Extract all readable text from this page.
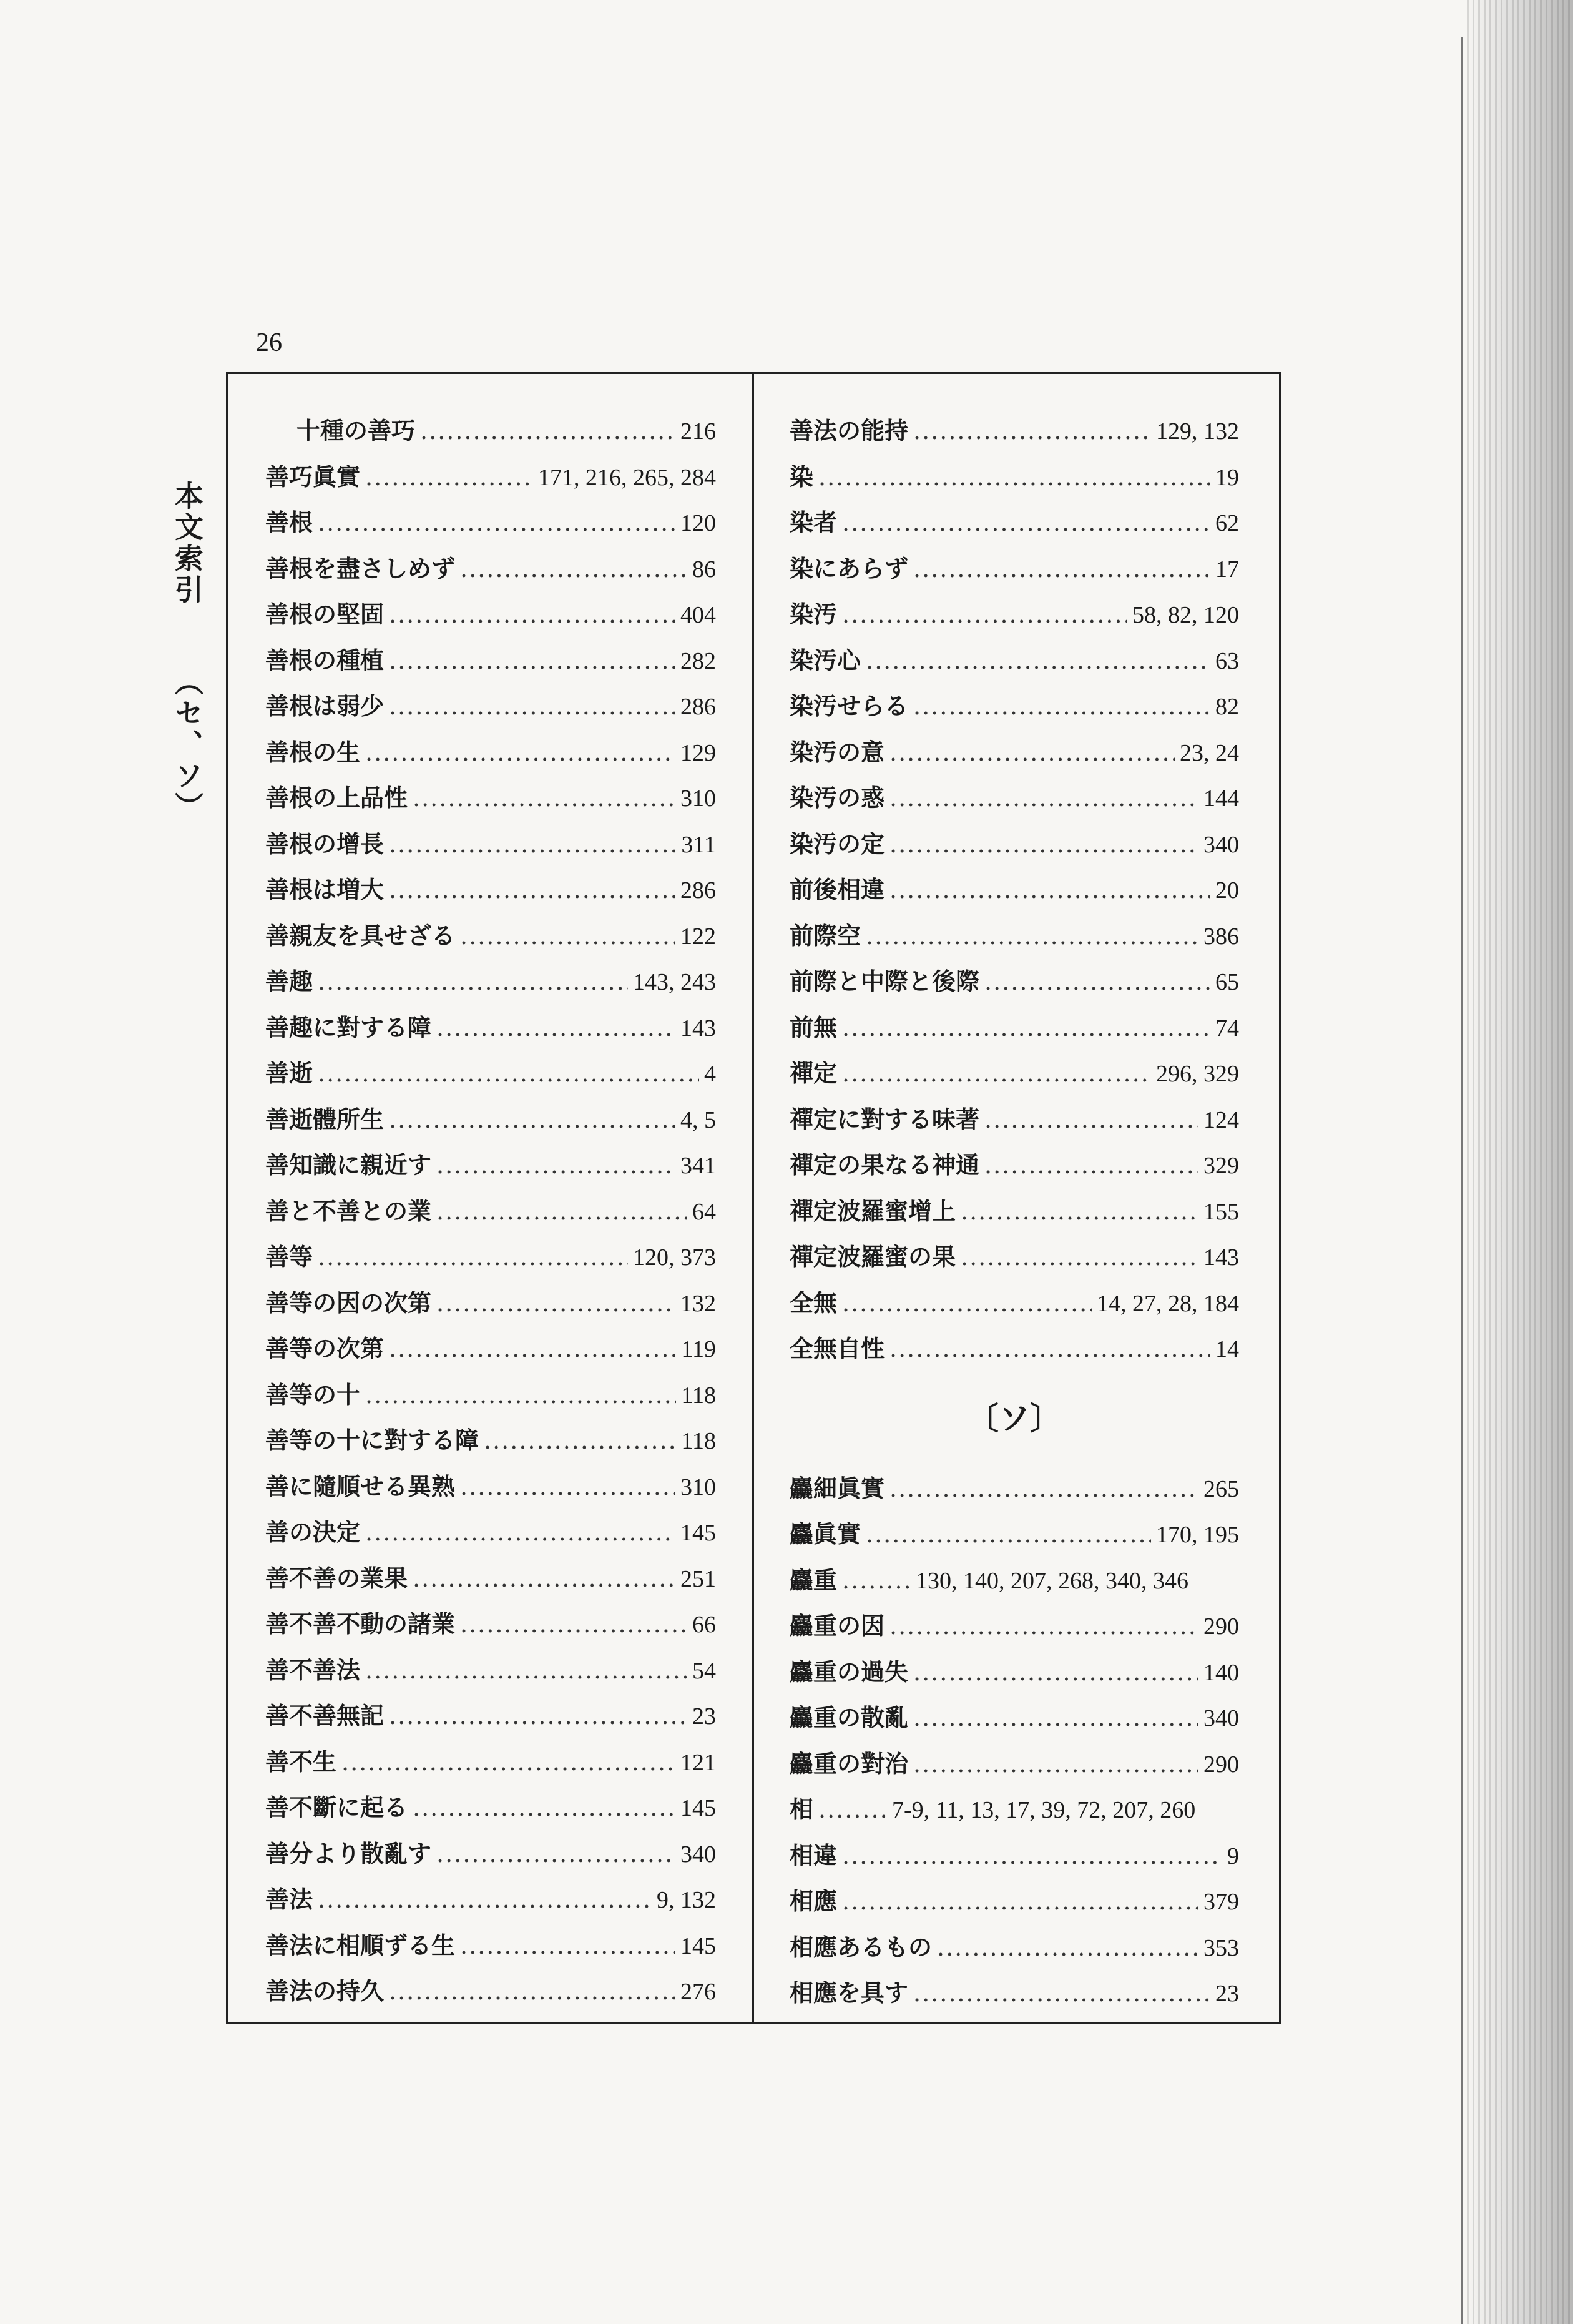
26
本文索引 （セ、ソ）
十種の善巧 .....	216
善巧眞實 .....	171, 216, 265, 284
善根 .....	120
善根を盡さしめず .....	86
善根の堅固 .....	404
善根の種植 .....	282
善根は弱少 .....	286
善根の生 .....	129
善根の上品性 .....	310
善根の增長 .....	311
善根は増大 .....	286
善親友を具せざる .....	122
善趣 .....	143, 243
善趣に對する障 .....	143
善逝 .....	4
善逝體所生 .....	4, 5
善知識に親近す .....	341
善と不善との業 .....	64
善等 .....	120, 373
善等の因の次第 .....	132
善等の次第 .....	119
善等の十 .....	118
善等の十に對する障 .....	118
善に隨順せる異熟 .....	310
善の決定 .....	145
善不善の業果 .....	251
善不善不動の諸業 .....	66
善不善法 .....	54
善不善無記 .....	23
善不生 .....	121
善不斷に起る .....	145
善分より散亂す .....	340
善法 .....	9, 132
善法に相順ずる生 .....	145
善法の持久 .....	276
善法の能持 .....	129, 132
染 .....	19
染者 .....	62
染にあらず .....	17
染汚 .....	58, 82, 120
染汚心 .....	63
染汚せらる .....	82
染汚の意 .....	23, 24
染汚の惑 .....	144
染汚の定 .....	340
前後相違 .....	20
前際空 .....	386
前際と中際と後際 .....	65
前無 .....	74
禪定 .....	296, 329
禪定に對する味著 .....	124
禪定の果なる神通 .....	329
禪定波羅蜜增上 .....	155
禪定波羅蜜の果 .....	143
全無 .....	14, 27, 28, 184
全無自性 .....	14
〔ソ〕
麤細眞實 .....	265
麤眞實 .....	170, 195
麤重 .....	130, 140, 207, 268, 340, 346
麤重の因 .....	290
麤重の過失 .....	140
麤重の散亂 .....	340
麤重の對治 .....	290
相 .....	7-9, 11, 13, 17, 39, 72, 207, 260
相違 .....	9
相應 .....	379
相應あるもの .....	353
相應を具す .....	23
